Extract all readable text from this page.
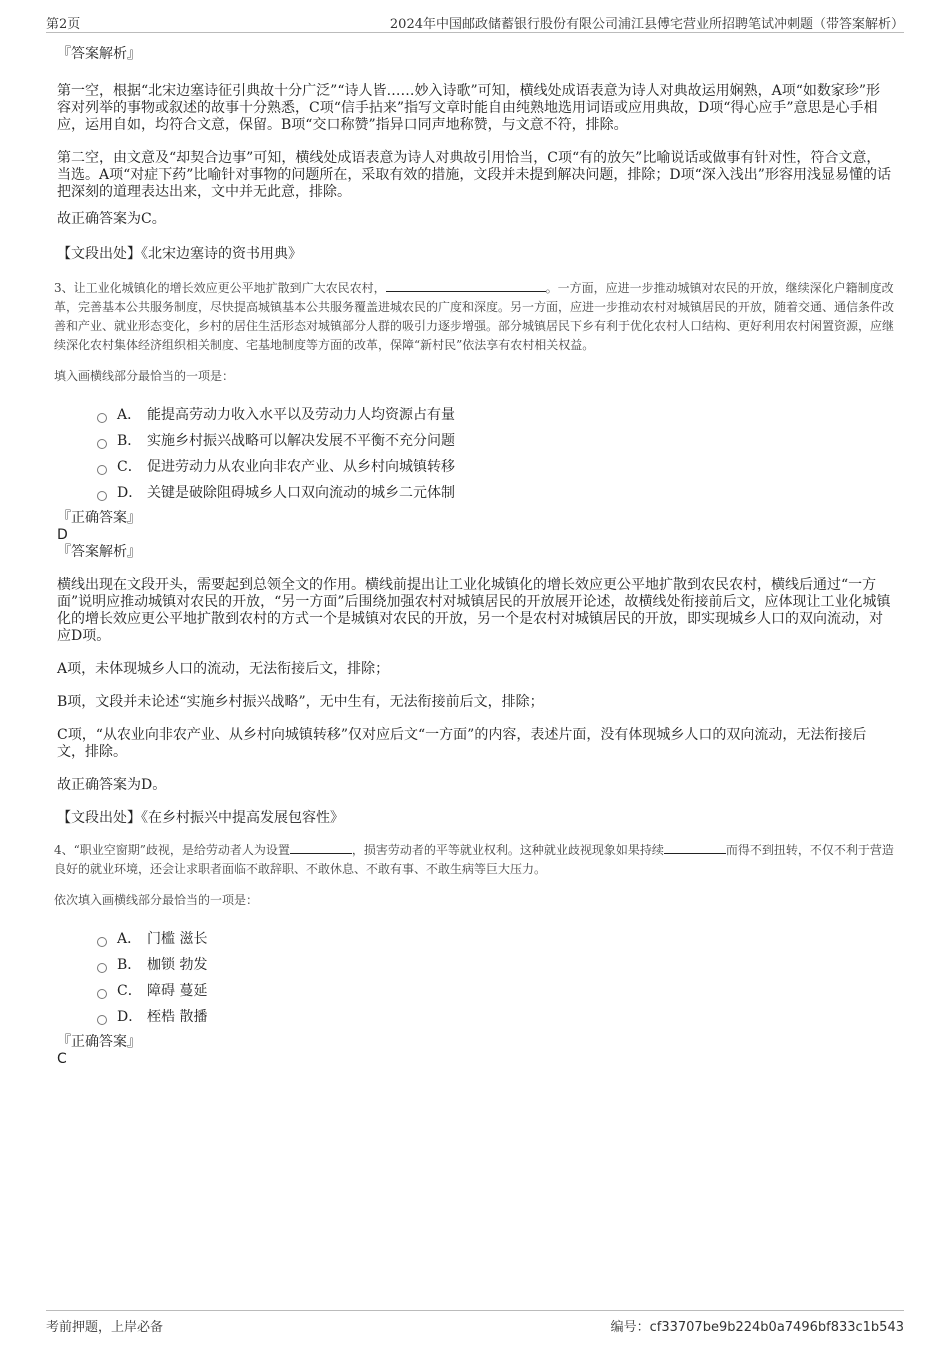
第2页	2024年中国邮政储蓄银行股份有限公司浦江县傅宅营业所招聘笔试冲刺题（带答案解析）

『答案解析』

第一空，根据“北宋边塞诗征引典故十分广泛”“诗人皆……妙入诗歌”可知，横线处成语表意为诗人对典故运用娴熟，A项“如数家珍”形容对列举的事物或叙述的故事十分熟悉，C项“信手拈来”指写文章时能自由纯熟地选用词语或应用典故，D项“得心应手”意思是心手相应，运用自如，均符合文意，保留。B项“交口称赞”指异口同声地称赞，与文意不符，排除。

第二空，由文意及“却契合边事”可知，横线处成语表意为诗人对典故引用恰当，C项“有的放矢”比喻说话或做事有针对性，符合文意，当选。A项“对症下药”比喻针对事物的问题所在，采取有效的措施，文段并未提到解决问题，排除；D项“深入浅出”形容用浅显易懂的话把深刻的道理表达出来，文中并无此意，排除。

故正确答案为C。

【文段出处】《北宋边塞诗的资书用典》

3、让工业化城镇化的增长效应更公平地扩散到广大农民农村，	。一方面，应进一步推动城镇对农民的开放，继续深化户籍制度改革，完善基本公共服务制度，尽快提高城镇基本公共服务覆盖进城农民的广度和深度。另一方面，应进一步推动农村对城镇居民的开放，随着交通、通信条件改善和产业、就业形态变化，乡村的居住生活形态对城镇部分人群的吸引力逐步增强。部分城镇居民下乡有利于优化农村人口结构、更好利用农村闲置资源，应继续深化农村集体经济组织相关制度、宅基地制度等方面的改革，保障“新村民”依法享有农村相关权益。

填入画横线部分最恰当的一项是：

A． 能提高劳动力收入水平以及劳动力人均资源占有量
B． 实施乡村振兴战略可以解决发展不平衡不充分问题
C． 促进劳动力从农业向非农产业、从乡村向城镇转移
D． 关键是破除阻碍城乡人口双向流动的城乡二元体制

『正确答案』

D

『答案解析』

横线出现在文段开头，需要起到总领全文的作用。横线前提出让工业化城镇化的增长效应更公平地扩散到农民农村，横线后通过“一方面”说明应推动城镇对农民的开放，“另一方面”后围绕加强农村对城镇居民的开放展开论述，故横线处衔接前后文，应体现让工业化城镇化的增长效应更公平地扩散到农村的方式一个是城镇对农民的开放，另一个是农村对城镇居民的开放，即实现城乡人口的双向流动，对应D项。

A项，未体现城乡人口的流动，无法衔接后文，排除；

B项，文段并未论述“实施乡村振兴战略”，无中生有，无法衔接前后文，排除；

C项，“从农业向非农产业、从乡村向城镇转移”仅对应后文“一方面”的内容，表述片面，没有体现城乡人口的双向流动，无法衔接后文，排除。

故正确答案为D。

【文段出处】《在乡村振兴中提高发展包容性》

4、“职业空窗期”歧视，是给劳动者人为设置	，损害劳动者的平等就业权利。这种就业歧视现象如果持续	而得不到扭转，不仅不利于营造良好的就业环境，还会让求职者面临不敢辞职、不敢休息、不敢有事、不敢生病等巨大压力。

依次填入画横线部分最恰当的一项是：

A． 门槛 滋长
B． 枷锁 勃发
C． 障碍 蔓延
D． 桎梏 散播

『正确答案』

C

考前押题，上岸必备	编号：cf33707be9b224b0a7496bf833c1b543
